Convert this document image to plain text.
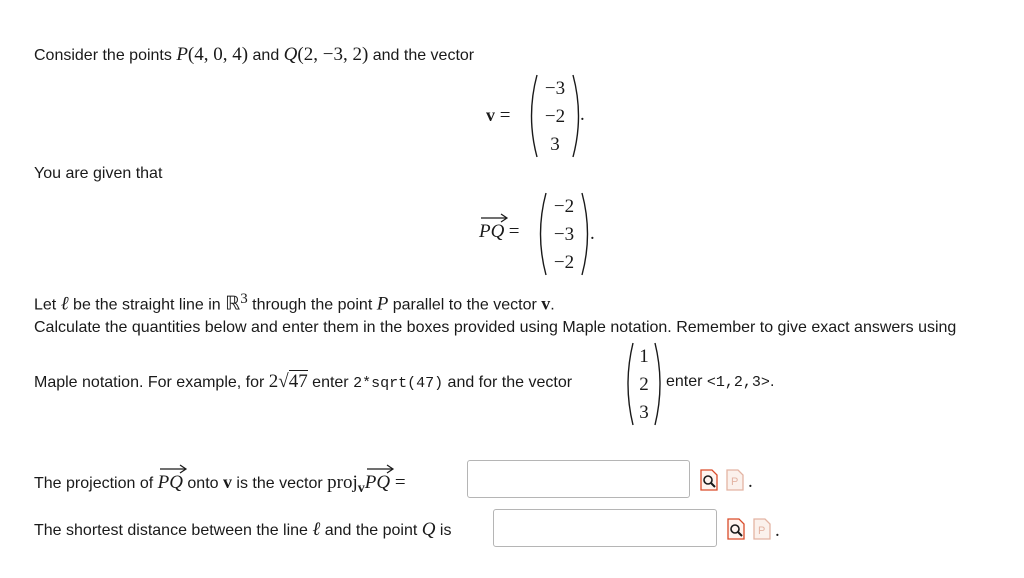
Consider the points P(4, 0, 4) and Q(2, −3, 2) and the vector
v =
−3
−2
3
.
You are given that
PQ =
−2
−3
−2
.
Let ℓ be the straight line in ℝ$^3$ through the point P parallel to the vector v.
Calculate the quantities below and enter them in the boxes provided using Maple notation. Remember to give exact answers using
Maple notation. For example, for 2√47 enter 2*sqrt(47) and for the vector
1
2
3
enter <1,2,3>.
The projection of
PQ onto v is the vector proj$_v$
PQ =	P .
The shortest distance between the line ℓ and the point Q is	P .
